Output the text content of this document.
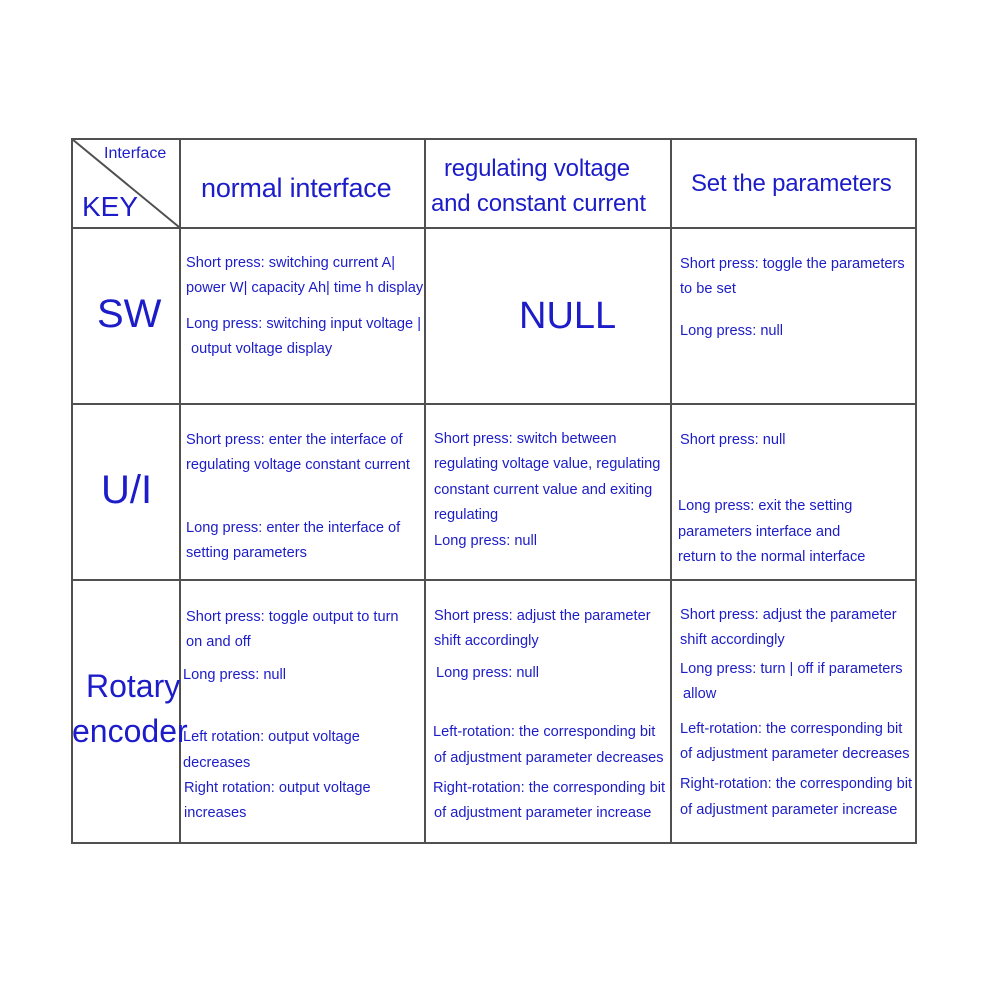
Interface
KEY
normal interface
regulating voltage
and constant current
Set the parameters
SW
U/I
Rotary
encoder

Short press: switching current A|

power W| capacity Ah| time h display

Long press: switching input voltage |

output voltage display

NULL

Short press: toggle the parameters

to be set

Long press: null

Short press: enter the interface of

regulating voltage constant current

Long press: enter the interface of

setting parameters

Short press: switch between

regulating voltage value, regulating

constant current value and exiting

regulating

Long press: null

Short press: null

Long press: exit the setting

parameters interface and

return to the normal interface

Short press: toggle output to turn

on and off

Long press: null

Left rotation: output voltage

decreases

Right rotation: output voltage

increases

Short press: adjust the parameter

shift accordingly

Long press: null

Left-rotation: the corresponding bit

of adjustment parameter decreases

Right-rotation: the corresponding bit

of adjustment parameter increase

Short press: adjust the parameter

shift accordingly

Long press: turn | off if parameters

allow

Left-rotation: the corresponding bit

of adjustment parameter decreases

Right-rotation: the corresponding bit

of adjustment parameter increase
